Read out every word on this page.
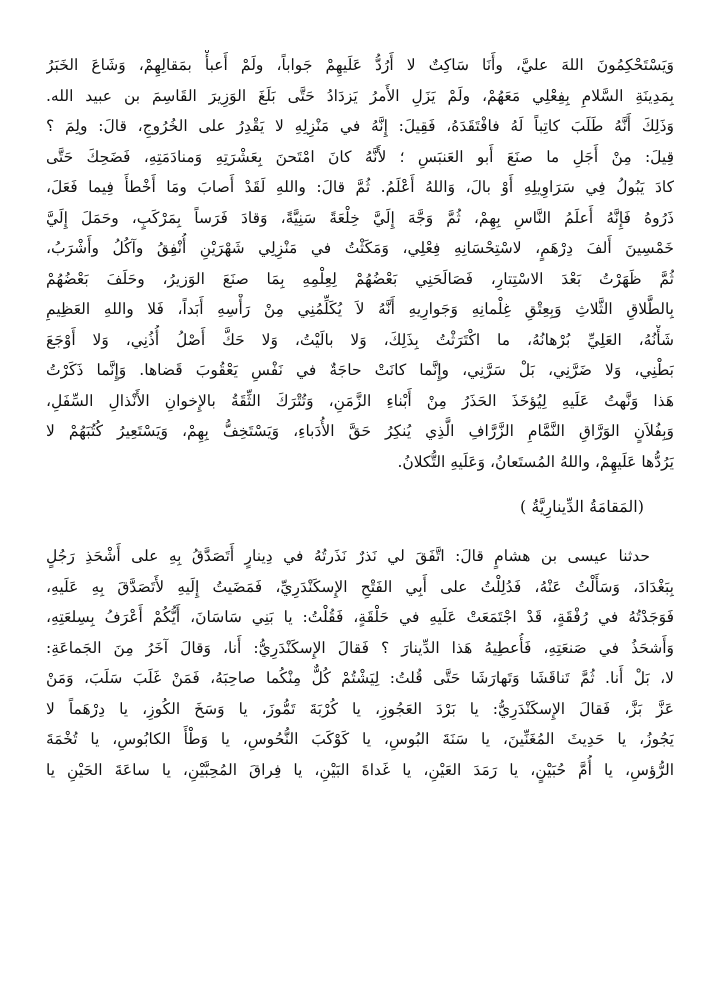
وَيَسْتَحْكِمُونَ اللهَ عليَّ، وأَنَا سَاكِتٌ لا أَرُدُّ عَلَيهِمْ جَواباً، ولَمْ أَعبأْ بمَقالِهِمْ، وَشَاعَ الخَبَرُ
بِمَدِينَةِ السَّلامِ بِفِعْلِي مَعَهُمْ، ولَمْ يَزَلِ الأَمرُ يَزدَادُ حَتَّى بَلَغَ الوَزِيرَ القَاسِمَ بن عبيد الله.
وَذَلِكَ أَنَّهُ طَلَبَ كاتِباً لَهُ فافْتَقَدَهُ، فَقِيلَ: إِنَّهُ في مَنْزِلِهِ لا يَقْدِرُ على الخُرُوجِ، قالَ: ولِمَ ؟
قِيلَ: مِنْ أَجَلِ ما صنَعَ أَبو العَنبَسِ ؛ لأَنَّهُ كانَ امْتَحنَ بِعَشْرَتِهِ وَمنادَمَتِهِ، فَضَحِكَ حَتَّى
كادَ يَبُولُ فِي سَرَاوِيلِهِ أَوْ بالَ، وَاللهُ أَعْلَمُ. ثُمَّ قالَ: واللهِ لَقَدْ أَصابَ ومَا أَخْطأَ فِيما فَعَلَ،
ذَرُوهُ فَإِنَّهُ أَعلَمُ النَّاسِ بِهِمْ، ثُمَّ وَجَّهَ إِلَيَّ خِلْعَةً سَنِيَّةً، وَقادَ فَرَساً بِمَرْكَبٍ، وحَمَلَ إِلَيَّ
خَمْسِينَ أَلفَ دِرْهَمٍ، لاسْتِحْسَانِهِ فِعْلِي، وَمَكَثْتُ في مَنْزِلِي شَهْرَيْنِ أُنْفِقُ وآكُلُ وأَشْرَبُ،
ثُمَّ ظَهَرْتُ بَعْدَ الاسْتِتارِ، فَصَالَحَنِي بَعْضُهُمْ لِعِلْمِهِ بِمَا صنَعَ الوَزيرُ، وحَلَفَ بَعْضُهُمْ
بِالطَّلاقِ الثَّلاثِ وَبِعِتْقِ غِلْمانِهِ وَجَوارِيهِ أَنَّهُ لاَ يُكَلِّمُنِي مِنْ رَأْسِهِ أَبَداً، فَلا واللهِ العَظِيمِ
شَأْنُهُ، العَلِيِّ بُرْهانُهُ، ما اكْتَرَثْتُ بِذَلِكَ، وَلا بالَيْتُ، وَلا حَكَّ أَصْلُ أُذُنِي، وَلا أَوْجَعَ
بَطْنِي، وَلا ضَرَّنِي، بَلْ سَرَّنِي، وإِنَّما كانَتْ حاجَةٌ في نَفْسِ يَعْقُوبَ قَضاها. وَإِنَّما ذَكَرْتُ
هَذا وَنَّهتُ عَلَيهِ لِيُؤخَذَ الحَذَرُ مِنْ أَبْناءِ الزَّمَنِ، وَتُتْرَكَ الثِّقَةُ بالإِخوانِ الأَنْذالِ السِّفَلِ،
وَبِفُلاَنٍ الوَرَّاقِ النَّمَّامِ الزَّرَّافِ الَّذِي يُنكِرُ حَقَّ الأُدَباءِ، وَيَسْتَخِفُّ بِهِمْ، وَيَسْتَعِيرُ كُتُبَهُمْ لا
يَرُدُّها عَلَيهِمْ، واللهُ المُستَعانُ، وَعَلَيهِ التُّكلانُ.
(المَقامَةُ الدِّينارِيَّةُ )
حدثنا عيسى بن هشامٍ قالَ: اتَّفَقَ لي نَذرٌ نَذَرتُهُ في دِينارٍ أَتَصَدَّقُ بِهِ على أَشْحَذِ رَجُلٍ
بِبَغْدَادَ، وَسَأَلْتُ عَنْهُ، فَدُلِلْتُ على أَبِي الفَتْحِ الإِسكَنْدَرِيِّ، فَمَضَيتُ إِلَيهِ لأَتَصَدَّقَ بِهِ عَلَيهِ،
فَوَجَدْتُهُ في رُفْقَةٍ، قَدْ اجْتَمَعَتْ عَلَيهِ في حَلْقَةٍ، فَقُلْتُ: يا بَنِي سَاسَانَ، أَيُّكُمْ أَعْرَفُ بِسِلعَتِهِ،
وَأَشحَذُ في صَنعَتِهِ، فَأُعطِيهُ هَذا الدِّينارَ ؟ فَقالَ الإِسكَنْدَرِيُّ: أَنا، وَقالَ آخَرُ مِنَ الجَماعَةِ:
لا، بَلْ أَنا. ثُمَّ تَناقَشَا وَتَهارَشَا حَتَّى قُلتُ: لِيَشْتُمْ كُلٌّ مِنْكُما صاحِبَهُ، فَمَنْ غَلَبَ سَلَبَ، وَمَنْ
عَزَّ بَزَّ، فَقالَ الإِسكَنْدَرِيُّ: يا بَرْدَ العَجُوزِ، يا كُرْبَةَ تَمُّوزَ، يا وَسَخَ الكُوزِ، يا دِرْهَماً لا
يَجُوزُ، يا حَدِيثَ المُغَنِّينَ، يا سَنَةَ البُوسِ، يا كَوْكَبَ النُّحُوسِ، يا وَطْأَ الكابُوسِ، يا تُخْمَةَ
الرُّؤسِ، يا أُمَّ حُبَيْنٍ، يا رَمَدَ العَيْنِ، يا غَداةَ البَيْنِ، يا فِراقَ المُحِبَّيْنِ، يا ساعَةَ الحَيْنِ يا
